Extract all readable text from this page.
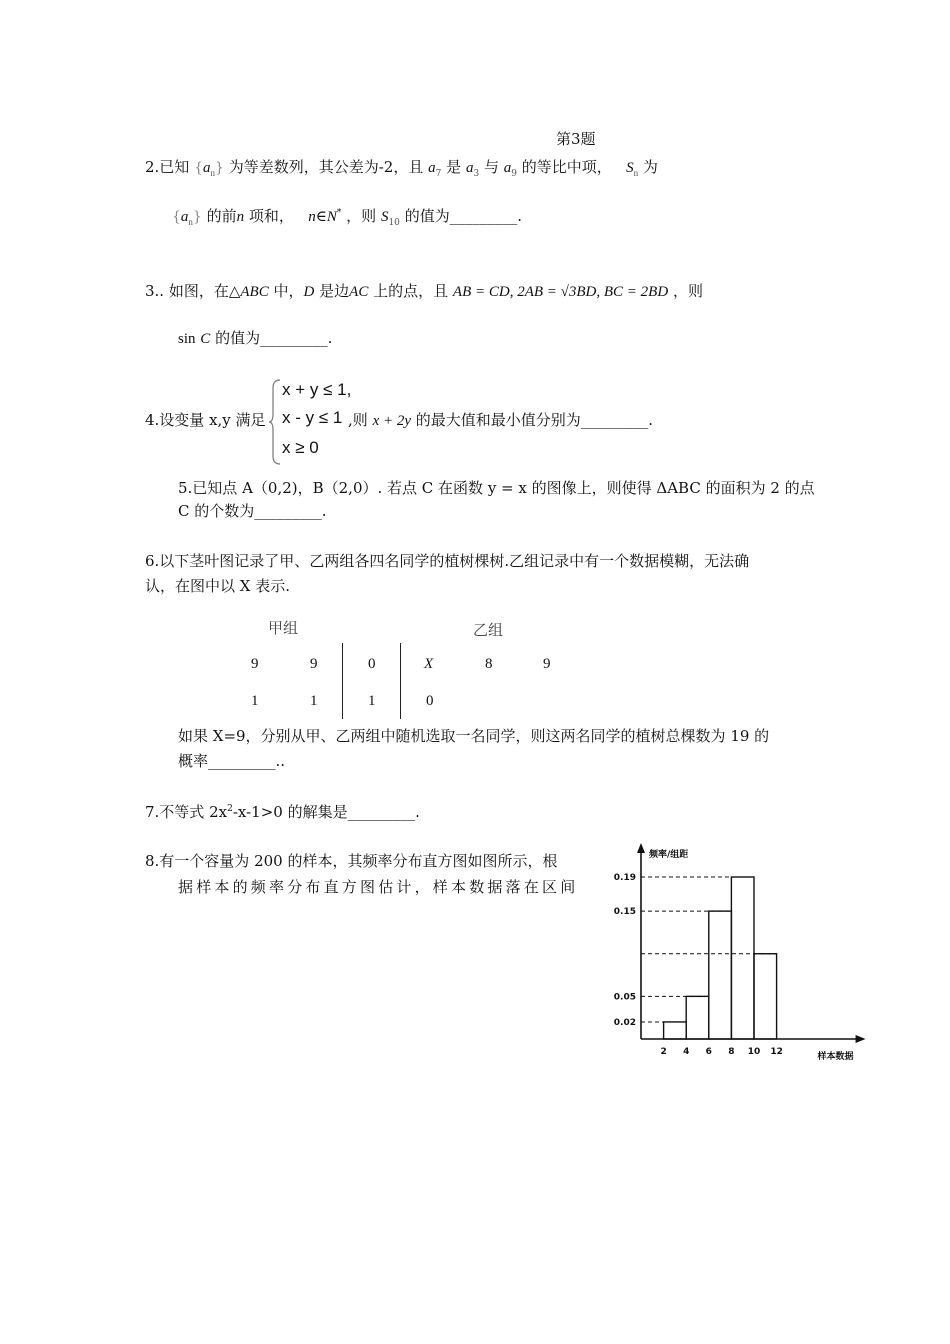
第3题
2.已知 $\{a_n\}$ 为等差数列，其公差为-2，且 $a_7$ 是 $a_3$ 与 $a_9$ 的等比中项， $S_n$ 为
$\{a_n\}$ 的前n 项和， n∈N* ，则 $S_{10}$ 的值为_________.
3.. 如图，在△ABC 中，D 是边AC 上的点，且 AB = CD, 2AB = √3BD, BC = 2BD ，则
sin C 的值为_________.
4.设变量 x,y 满足
x + y ≤ 1,
x - y ≤ 1
x ≥ 0
,则 x + 2y 的最大值和最小值分别为_________.
5.已知点 A（0,2)，B（2,0）. 若点 C 在函数 y = x 的图像上，则使得 ΔABC 的面积为 2 的点
C 的个数为_________.
6.以下茎叶图记录了甲、乙两组各四名同学的植树棵树.乙组记录中有一个数据模糊，无法确
认，在图中以 X 表示.
甲组	乙组
9	9	0	X	8	9
1	1	1	0
如果 X=9，分别从甲、乙两组中随机选取一名同学，则这两名同学的植树总棵数为 19 的
概率_________..
7.不等式 $2x^2-x-1>0$ 的解集是_________.
8.有一个容量为 200 的样本，其频率分布直方图如图所示，根
据样本的频率分布直方图估计，样本数据落在区间
频率/组距
样本数据
0.19
0.15
0.05
0.02
2 4 6 8 10 12
